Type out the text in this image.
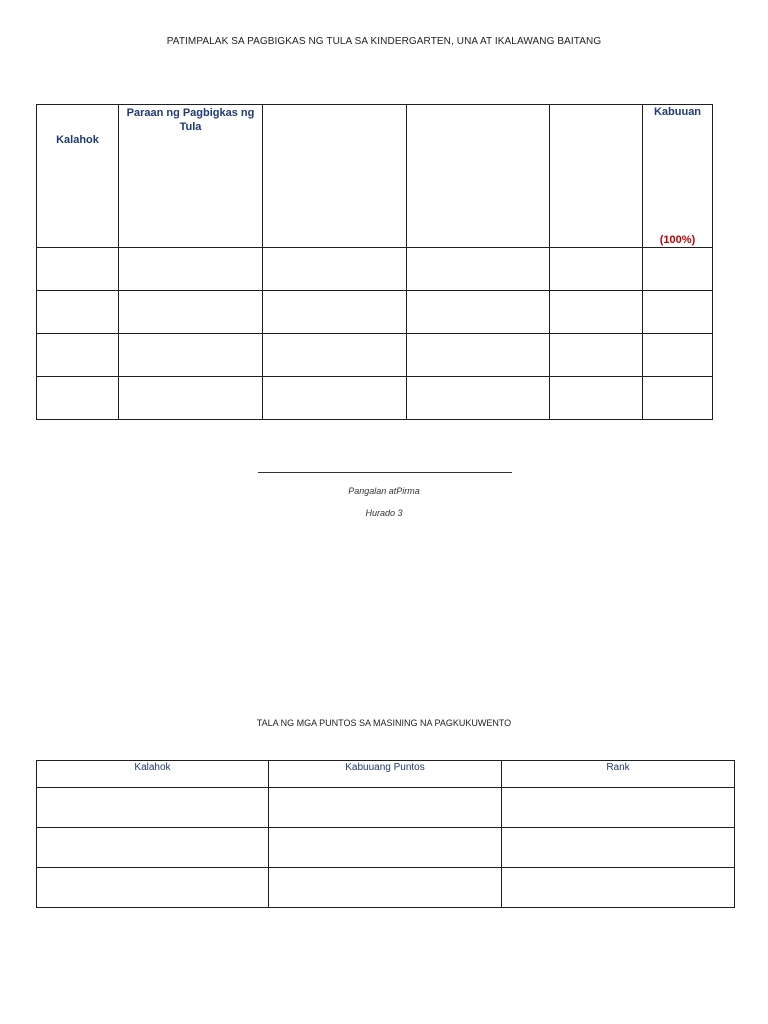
PATIMPALAK SA PAGBIGKAS NG TULA SA KINDERGARTEN, UNA AT IKALAWANG BAITANG
Kalahok	Paraan ng Pagbigkas ng Tula				Kabuuan
(100%)

Pangalan atPirma
Hurado 3
TALA NG MGA PUNTOS SA MASINING NA PAGKUKUWENTO
Kalahok	Kabuuang Puntos	Rank
